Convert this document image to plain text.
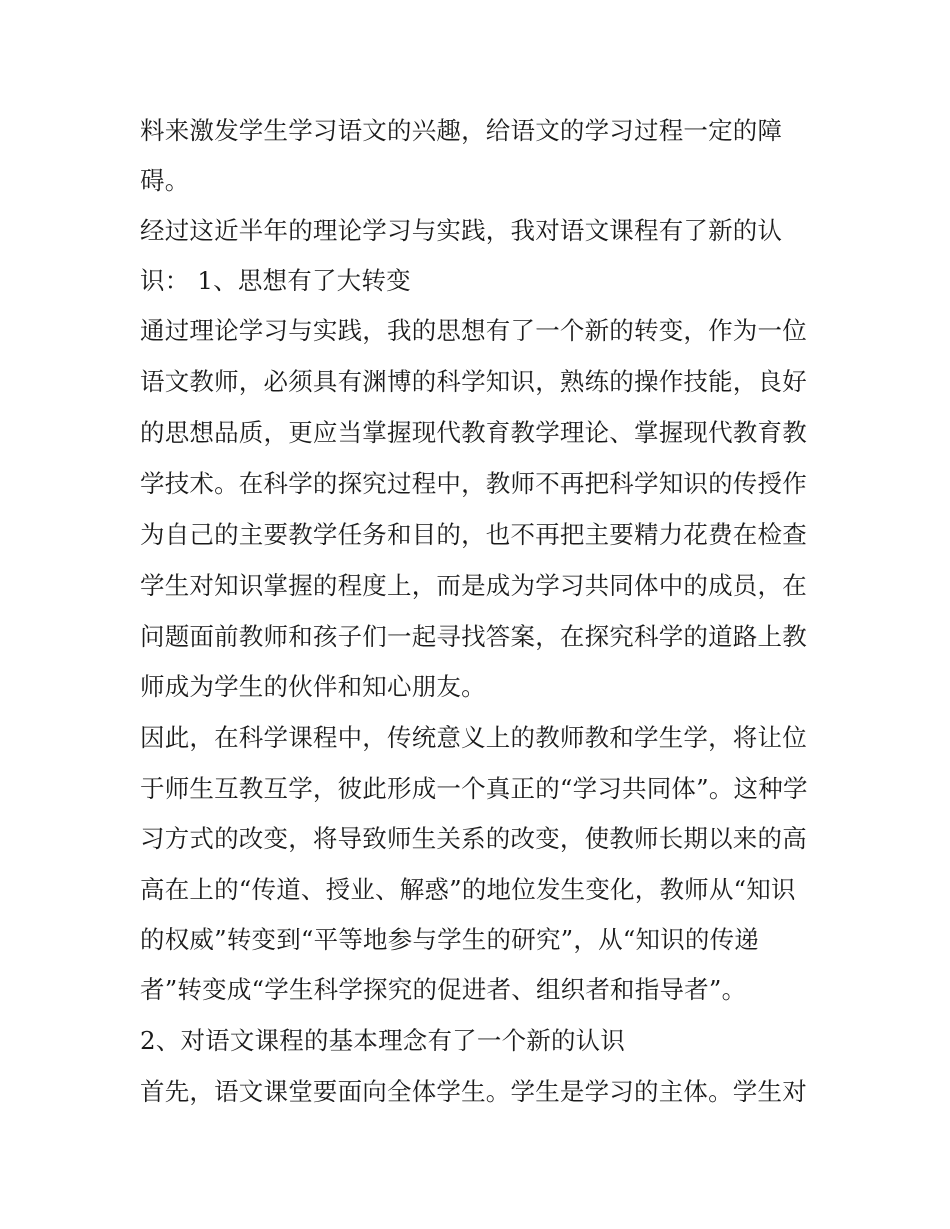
料来激发学生学习语文的兴趣，给语文的学习过程一定的障
碍。
经过这近半年的理论学习与实践，我对语文课程有了新的认
识： 1、思想有了大转变
通过理论学习与实践，我的思想有了一个新的转变，作为一位
语文教师，必须具有渊博的科学知识，熟练的操作技能，良好
的思想品质，更应当掌握现代教育教学理论、掌握现代教育教
学技术。在科学的探究过程中，教师不再把科学知识的传授作
为自己的主要教学任务和目的，也不再把主要精力花费在检查
学生对知识掌握的程度上，而是成为学习共同体中的成员，在
问题面前教师和孩子们一起寻找答案，在探究科学的道路上教
师成为学生的伙伴和知心朋友。
因此，在科学课程中，传统意义上的教师教和学生学，将让位
于师生互教互学，彼此形成一个真正的“学习共同体”。这种学
习方式的改变，将导致师生关系的改变，使教师长期以来的高
高在上的“传道、授业、解惑”的地位发生变化，教师从“知识
的权威”转变到“平等地参与学生的研究”，从“知识的传递
者”转变成“学生科学探究的促进者、组织者和指导者”。
2、对语文课程的基本理念有了一个新的认识
首先，语文课堂要面向全体学生。学生是学习的主体。学生对
